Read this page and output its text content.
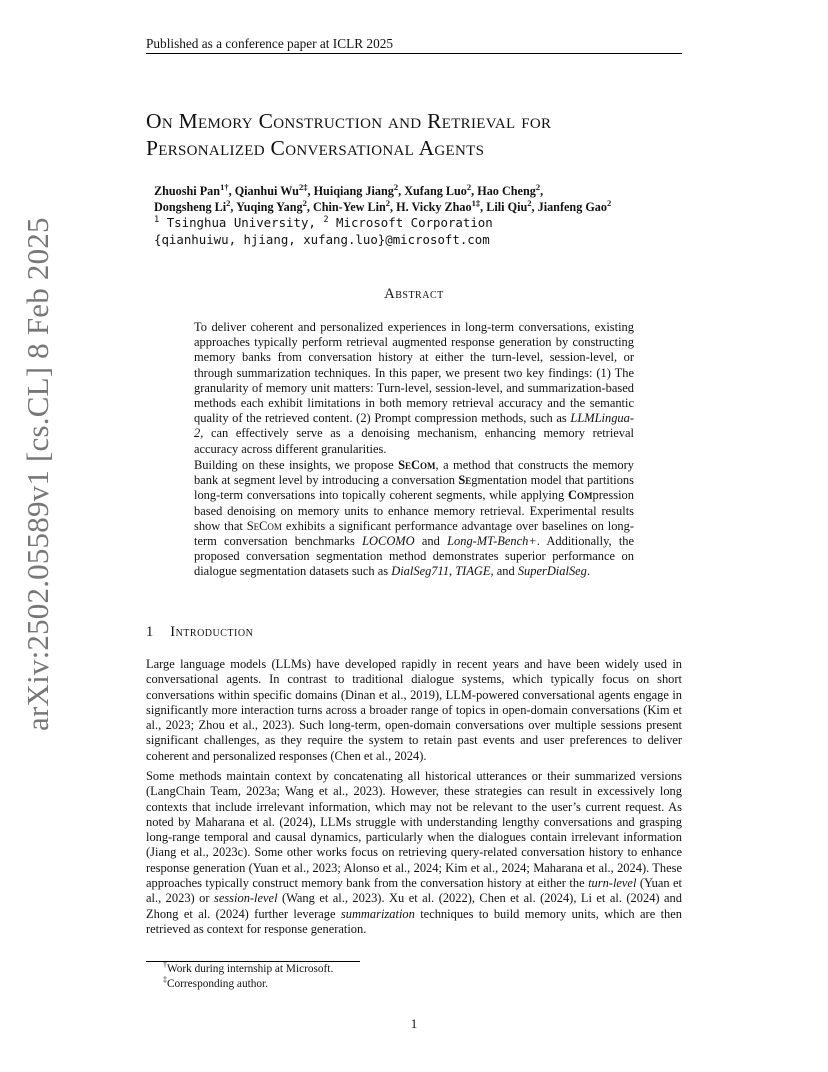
Published as a conference paper at ICLR 2025
On Memory Construction and Retrieval for
Personalized Conversational Agents
Zhuoshi Pan$^{1\dagger}$, Qianhui $Wu^{2\ddagger}$, Huiqiang Jiang$^2$, Xufang Luo$^2$, Hao Cheng$^2$,
Dongsheng Li$^2$, Yuqing Yang$^2$, Chin-Yew Lin$^2$, H. Vicky Zhao$^{1\ddagger}$, Lili Qiu$^2$, Jianfeng Gao$^2$
$^1$ Tsinghua University, $^2$ Microsoft Corporation
{qianhuiwu, hjiang, xufang.luo}@microsoft.com
arXiv:2502.05589v1 [cs.CL] 8 Feb 2025	Abstract
To deliver coherent and personalized experiences in long-term conversations, existing approaches typically perform retrieval augmented response generation by constructing memory banks from conversation history at either the turn-level, session-level, or through summarization techniques. In this paper, we present two key findings: (1) The granularity of memory unit matters: Turn-level, session-level, and summarization-based methods each exhibit limitations in both memory retrieval accuracy and the semantic quality of the retrieved content. (2) Prompt compression methods, such as LLMLingua-2, can effectively serve as a denoising mechanism, enhancing memory retrieval accuracy across different granularities.
Building on these insights, we propose SeCom, a method that constructs the memory bank at segment level by introducing a conversation Segmentation model that partitions long-term conversations into topically coherent segments, while applying Compression based denoising on memory units to enhance memory retrieval. Experimental results show that SeCom exhibits a significant performance advantage over baselines on long-term conversation benchmarks LOCOMO and Long-MT-Bench+. Additionally, the proposed conversation segmentation method demonstrates superior performance on dialogue segmentation datasets such as DialSeg711, TIAGE, and SuperDialSeg.
1 Introduction
Large language models (LLMs) have developed rapidly in recent years and have been widely used in conversational agents. In contrast to traditional dialogue systems, which typically focus on short conversations within specific domains (Dinan et al., 2019), LLM-powered conversational agents engage in significantly more interaction turns across a broader range of topics in open-domain conversations (Kim et al., 2023; Zhou et al., 2023). Such long-term, open-domain conversations over multiple sessions present significant challenges, as they require the system to retain past events and user preferences to deliver coherent and personalized responses (Chen et al., 2024).
Some methods maintain context by concatenating all historical utterances or their summarized versions (LangChain Team, 2023a; Wang et al., 2023). However, these strategies can result in excessively long contexts that include irrelevant information, which may not be relevant to the user’s current request. As noted by Maharana et al. (2024), LLMs struggle with understanding lengthy conversations and grasping long-range temporal and causal dynamics, particularly when the dialogues contain irrelevant information (Jiang et al., 2023c). Some other works focus on retrieving query-related conversation history to enhance response generation (Yuan et al., 2023; Alonso et al., 2024; Kim et al., 2024; Maharana et al., 2024). These approaches typically construct memory bank from the conversation history at either the turn-level (Yuan et al., 2023) or session-level (Wang et al., 2023). Xu et al. (2022), Chen et al. (2024), Li et al. (2024) and Zhong et al. (2024) further leverage summarization techniques to build memory units, which are then retrieved as context for response generation.
†Work during internship at Microsoft.
‡Corresponding author.
1
